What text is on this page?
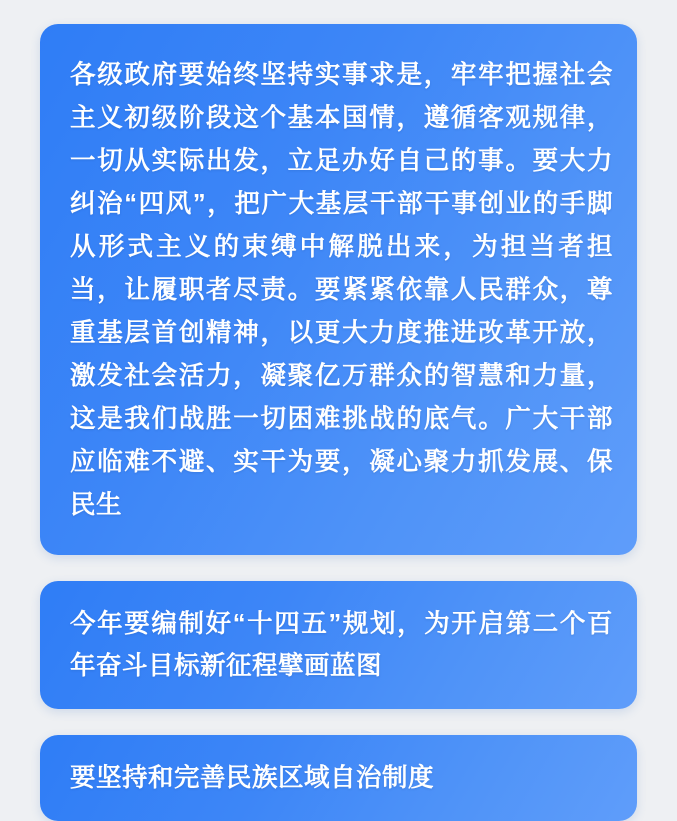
各级政府要始终坚持实事求是，牢牢把握社会主义初级阶段这个基本国情，遵循客观规律，一切从实际出发，立足办好自己的事。要大力纠治“四风”，把广大基层干部干事创业的手脚从形式主义的束缚中解脱出来，为担当者担当，让履职者尽责。要紧紧依靠人民群众，尊重基层首创精神，以更大力度推进改革开放，激发社会活力，凝聚亿万群众的智慧和力量，这是我们战胜一切困难挑战的底气。广大干部应临难不避、实干为要，凝心聚力抓发展、保民生
今年要编制好“十四五”规划，为开启第二个百年奋斗目标新征程擘画蓝图
要坚持和完善民族区域自治制度
